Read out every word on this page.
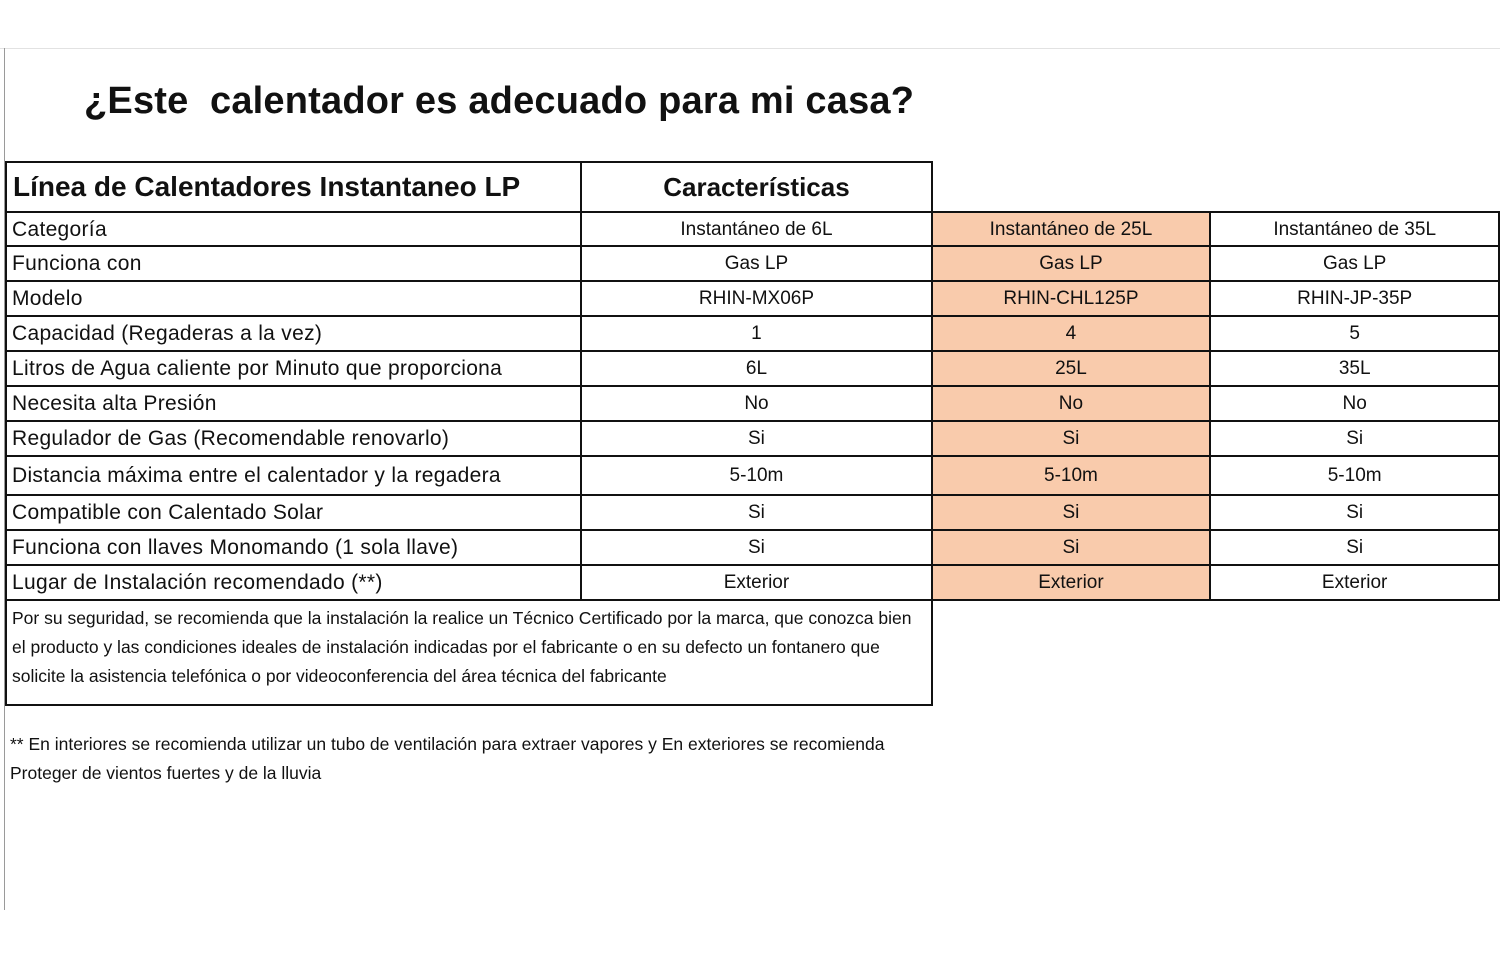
¿Este  calentador es adecuado para mi casa?
Línea de Calentadores Instantaneo LP	Características		
Categoría	Instantáneo de 6L	Instantáneo de 25L	Instantáneo de 35L
Funciona con	Gas LP	Gas LP	Gas LP
Modelo	RHIN-MX06P	RHIN-CHL125P	RHIN-JP-35P
Capacidad (Regaderas a la vez)	1	4	5
Litros de Agua caliente por Minuto que proporciona	6L	25L	35L
Necesita alta Presión	No	No	No
Regulador de Gas (Recomendable renovarlo)	Si	Si	Si
Distancia máxima entre el calentador y la regadera	5-10m	5-10m	5-10m
Compatible con Calentado Solar	Si	Si	Si
Funciona con llaves Monomando (1 sola llave)	Si	Si	Si
Lugar de Instalación recomendado (**)	Exterior	Exterior	Exterior

Por su seguridad, se recomienda que la instalación la realice un Técnico Certificado por la marca, que conozca bien el producto y las condiciones ideales de instalación indicadas por el fabricante o en su defecto un fontanero que solicite la asistencia telefónica o por videoconferencia del área técnica del fabricante			

** En interiores se recomienda utilizar un tubo de ventilación para extraer vapores y En exteriores se recomienda Proteger de vientos fuertes y de la lluvia
